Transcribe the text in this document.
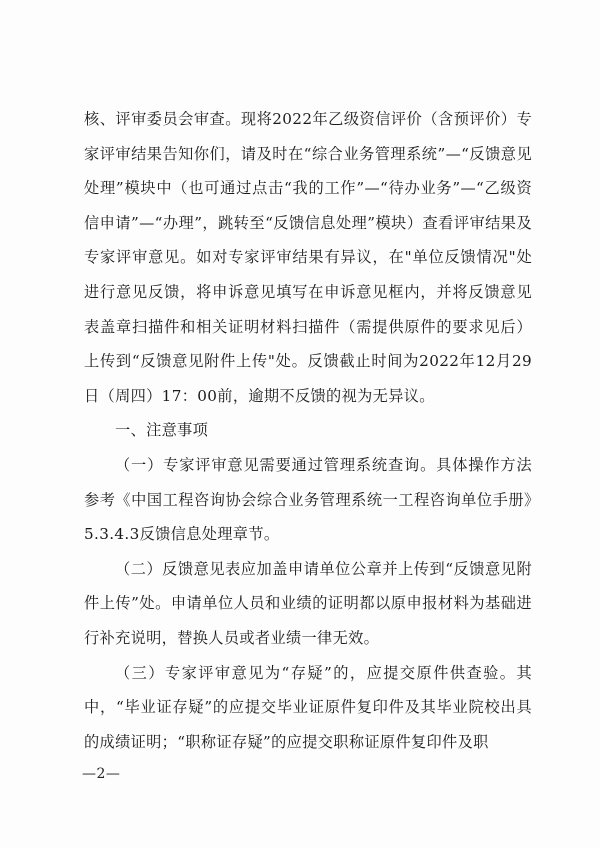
核、评审委员会审查。现将2022年乙级资信评价（含预评价）专家评审结果告知你们，请及时在“综合业务管理系统”—“反馈意见处理”模块中（也可通过点击“我的工作”—“待办业务”—“乙级资信申请”—“办理”，跳转至“反馈信息处理”模块）查看评审结果及专家评审意见。如对专家评审结果有异议，在"单位反馈情况"处进行意见反馈，将申诉意见填写在申诉意见框内，并将反馈意见表盖章扫描件和相关证明材料扫描件（需提供原件的要求见后）上传到“反馈意见附件上传"处。反馈截止时间为2022年12月29日（周四）17：00前，逾期不反馈的视为无异议。

一、注意事项

（一）专家评审意见需要通过管理系统查询。具体操作方法参考《中国工程咨询协会综合业务管理系统一工程咨询单位手册》5.3.4.3反馈信息处理章节。

（二）反馈意见表应加盖申请单位公章并上传到“反馈意见附件上传”处。申请单位人员和业绩的证明都以原申报材料为基础进行补充说明，替换人员或者业绩一律无效。

（三）专家评审意见为“存疑”的，应提交原件供查验。其中，“毕业证存疑”的应提交毕业证原件复印件及其毕业院校出具的成绩证明；“职称证存疑”的应提交职称证原件复印件及职

—2—
